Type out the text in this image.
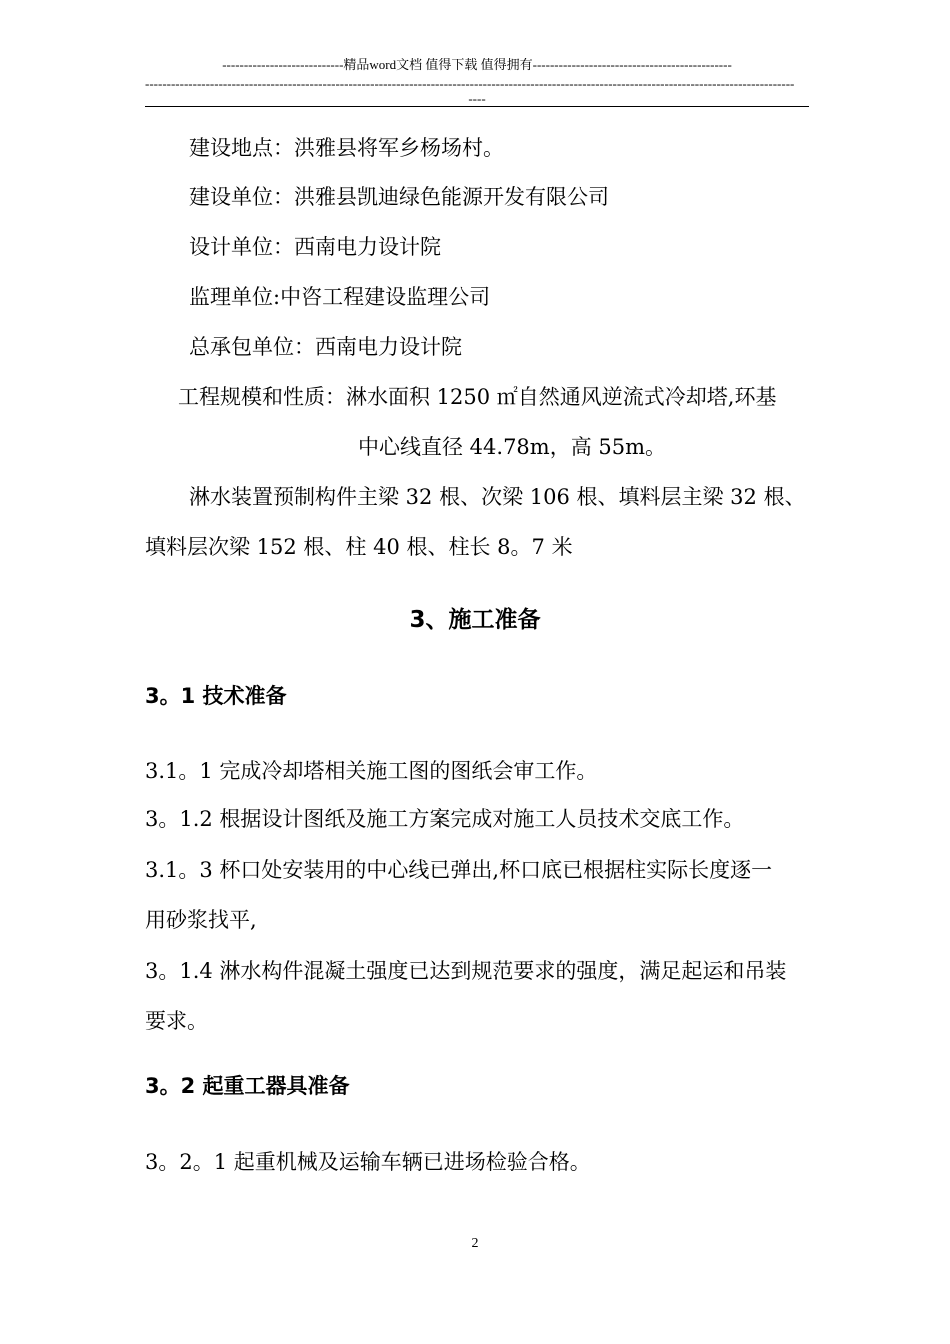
----------------------------精品word文档 值得下载 值得拥有----------------------------------------------
------------------------------------------------------------------------------------------------------------------------------------------------------
----
建设地点：洪雅县将军乡杨场村。
建设单位：洪雅县凯迪绿色能源开发有限公司
设计单位：西南电力设计院
监理单位:中咨工程建设监理公司
总承包单位：西南电力设计院
工程规模和性质：淋水面积 1250 ㎡自然通风逆流式冷却塔,环基
中心线直径 44.78m，高 55m。
淋水装置预制构件主梁 32 根、次梁 106 根、填料层主梁 32 根、
填料层次梁 152 根、柱 40 根、柱长 8。7 米
3、施工准备
3。1 技术准备
3.1。1 完成冷却塔相关施工图的图纸会审工作。
3。1.2 根据设计图纸及施工方案完成对施工人员技术交底工作。
3.1。3 杯口处安装用的中心线已弹出,杯口底已根据柱实际长度逐一
用砂浆找平,
3。1.4 淋水构件混凝土强度已达到规范要求的强度，满足起运和吊装
要求。
3。2 起重工器具准备
3。2。1 起重机械及运输车辆已进场检验合格。
2
